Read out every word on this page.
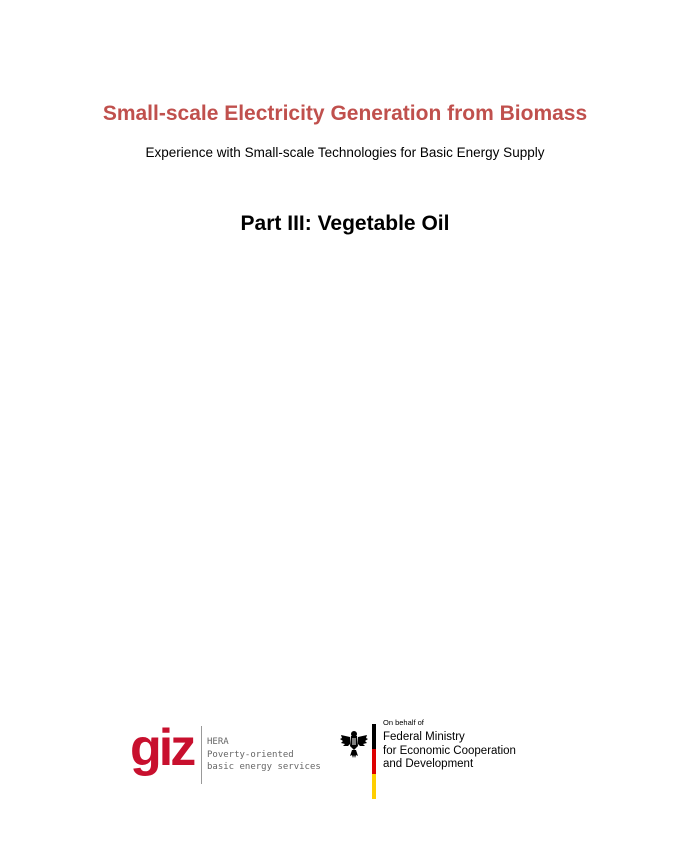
Small-scale Electricity Generation from Biomass

Experience with Small-scale Technologies for Basic Energy Supply

Part III: Vegetable Oil
giz HERA
Poverty-oriented
basic energy services
On behalf of
Federal Ministry
for Economic Cooperation
and Development
